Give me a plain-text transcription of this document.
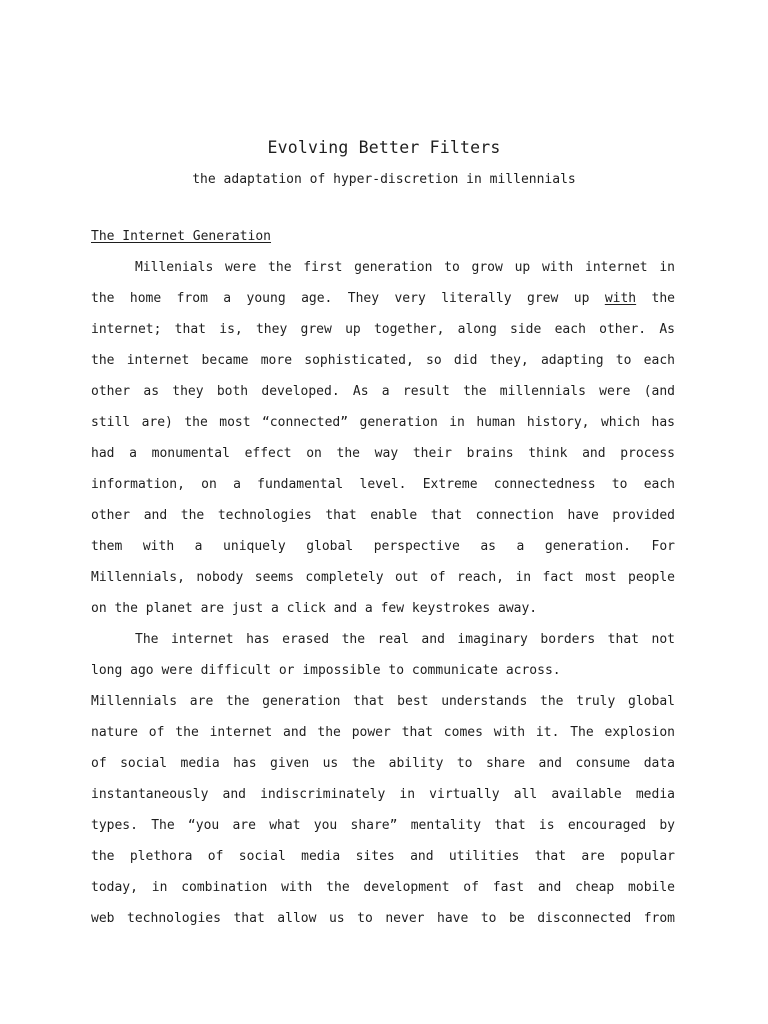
Evolving Better Filters
the adaptation of hyper-discretion in millennials
The Internet Generation
Millenials were the first generation to grow up with internet in
the home from a young age. They very literally grew up with the
internet; that is, they grew up together, along side each other. As
the internet became more sophisticated, so did they, adapting to each
other as they both developed. As a result the millennials were (and
still are) the most “connected” generation in human history, which has
had a monumental effect on the way their brains think and process
information, on a fundamental level. Extreme connectedness to each
other and the technologies that enable that connection have provided
them with a uniquely global perspective as a generation. For
Millennials, nobody seems completely out of reach, in fact most people
on the planet are just a click and a few keystrokes away.
The internet has erased the real and imaginary borders that not
long ago were difficult or impossible to communicate across.
Millennials are the generation that best understands the truly global
nature of the internet and the power that comes with it. The explosion
of social media has given us the ability to share and consume data
instantaneously and indiscriminately in virtually all available media
types. The “you are what you share” mentality that is encouraged by
the plethora of social media sites and utilities that are popular
today, in combination with the development of fast and cheap mobile
web technologies that allow us to never have to be disconnected from
